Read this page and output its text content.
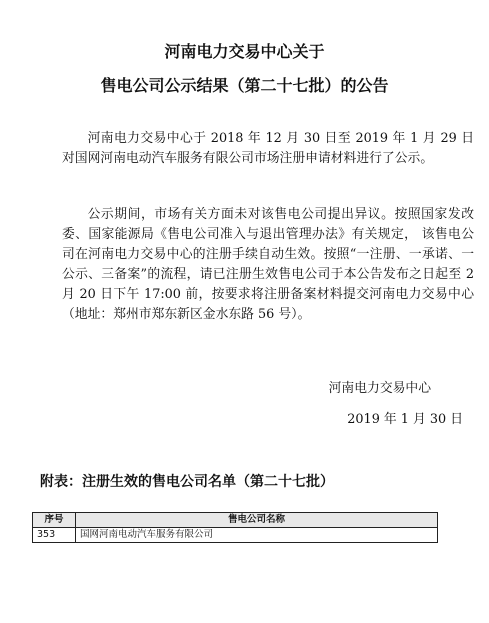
河南电力交易中心关于
售电公司公示结果（第二十七批）的公告

河南电力交易中心于 2018 年 12 月 30 日至 2019 年 1 月 29 日对国网河南电动汽车服务有限公司市场注册申请材料进行了公示。

公示期间，市场有关方面未对该售电公司提出异议。按照国家发改委、国家能源局《售电公司准入与退出管理办法》有关规定， 该售电公司在河南电力交易中心的注册手续自动生效。按照“一注册、一承诺、一公示、三备案”的流程，请已注册生效售电公司于本公告发布之日起至 2 月 20 日下午 17:00 前，按要求将注册备案材料提交河南电力交易中心（地址：郑州市郑东新区金水东路 56 号）。

河南电力交易中心
2019 年 1 月 30 日

附表：注册生效的售电公司名单（第二十七批）

序号	售电公司名称
353	国网河南电动汽车服务有限公司
